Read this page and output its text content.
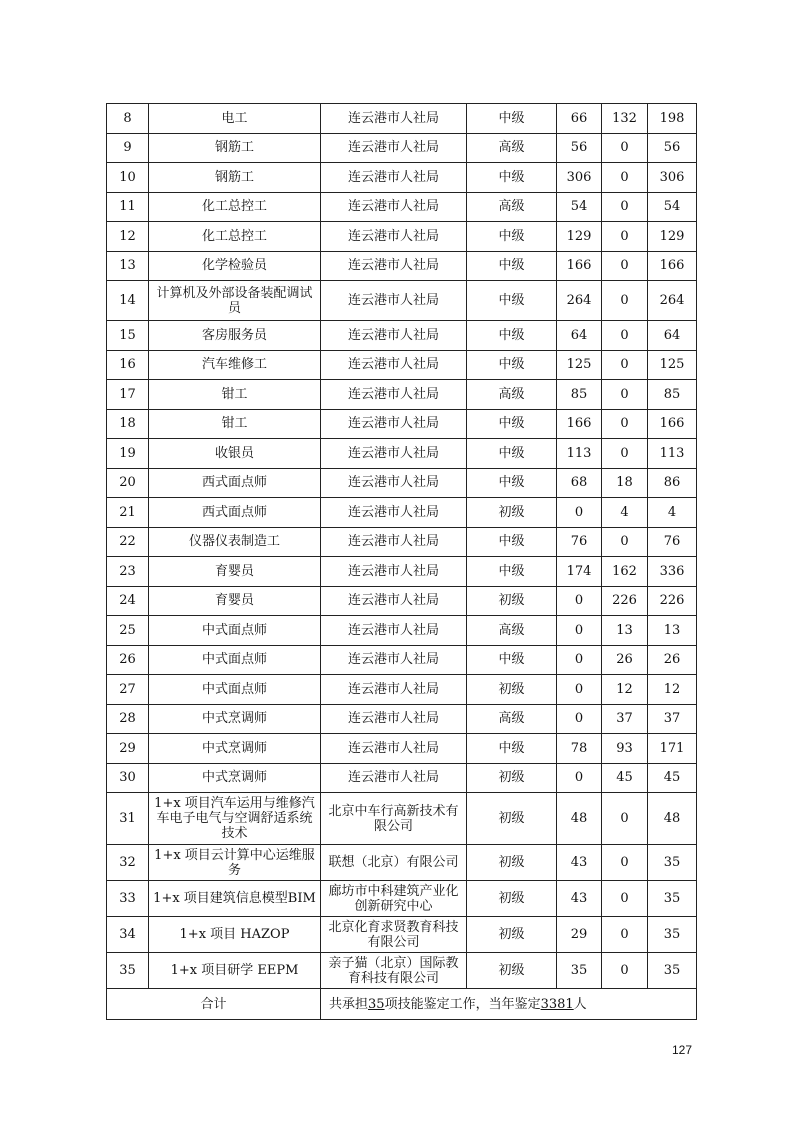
8	电工	连云港市人社局	中级	66	132	198
9	钢筋工	连云港市人社局	高级	56	0	56
10	钢筋工	连云港市人社局	中级	306	0	306
11	化工总控工	连云港市人社局	高级	54	0	54
12	化工总控工	连云港市人社局	中级	129	0	129
13	化学检验员	连云港市人社局	中级	166	0	166
14	计算机及外部设备装配调试员	连云港市人社局	中级	264	0	264
15	客房服务员	连云港市人社局	中级	64	0	64
16	汽车维修工	连云港市人社局	中级	125	0	125
17	钳工	连云港市人社局	高级	85	0	85
18	钳工	连云港市人社局	中级	166	0	166
19	收银员	连云港市人社局	中级	113	0	113
20	西式面点师	连云港市人社局	中级	68	18	86
21	西式面点师	连云港市人社局	初级	0	4	4
22	仪器仪表制造工	连云港市人社局	中级	76	0	76
23	育婴员	连云港市人社局	中级	174	162	336
24	育婴员	连云港市人社局	初级	0	226	226
25	中式面点师	连云港市人社局	高级	0	13	13
26	中式面点师	连云港市人社局	中级	0	26	26
27	中式面点师	连云港市人社局	初级	0	12	12
28	中式烹调师	连云港市人社局	高级	0	37	37
29	中式烹调师	连云港市人社局	中级	78	93	171
30	中式烹调师	连云港市人社局	初级	0	45	45
31	1+x 项目汽车运用与维修汽车电子电气与空调舒适系统技术	北京中车行高新技术有限公司	初级	48	0	48
32	1+x 项目云计算中心运维服务	联想（北京）有限公司	初级	43	0	35
33	1+x 项目建筑信息模型BIM	廊坊市中科建筑产业化创新研究中心	初级	43	0	35
34	1+x 项目 HAZOP	北京化育求贤教育科技有限公司	初级	29	0	35
35	1+x 项目研学 EEPM	亲子猫（北京）国际教育科技有限公司	初级	35	0	35
合计		共承担35项技能鉴定工作，当年鉴定3381人				
127
